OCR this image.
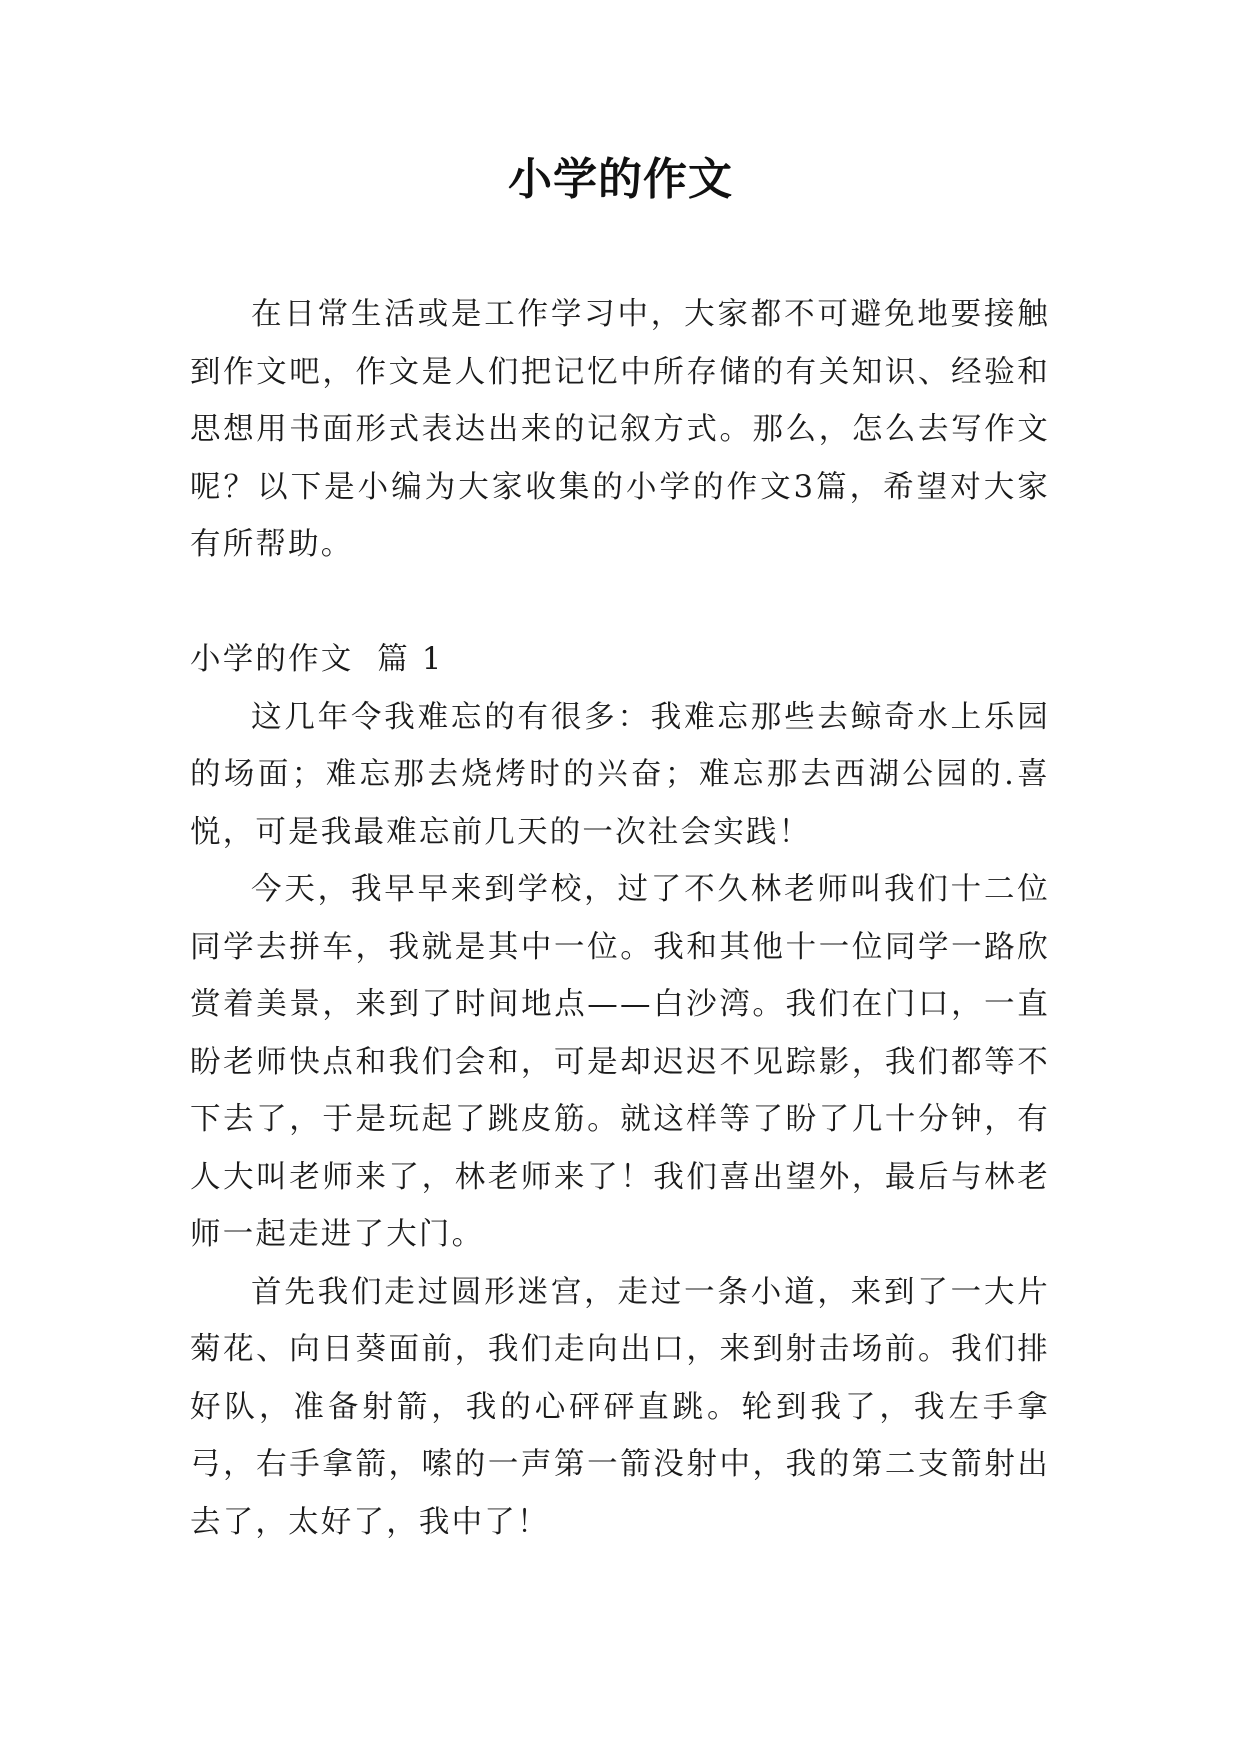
小学的作文

在日常生活或是工作学习中，大家都不可避免地要接触到作文吧，作文是人们把记忆中所存储的有关知识、经验和思想用书面形式表达出来的记叙方式。那么，怎么去写作文呢？以下是小编为大家收集的小学的作文3篇，希望对大家有所帮助。

小学的作文  篇 1

这几年令我难忘的有很多：我难忘那些去鲸奇水上乐园的场面；难忘那去烧烤时的兴奋；难忘那去西湖公园的.喜悦，可是我最难忘前几天的一次社会实践！

今天，我早早来到学校，过了不久林老师叫我们十二位同学去拼车，我就是其中一位。我和其他十一位同学一路欣赏着美景，来到了时间地点——白沙湾。我们在门口，一直盼老师快点和我们会和，可是却迟迟不见踪影，我们都等不下去了，于是玩起了跳皮筋。就这样等了盼了几十分钟，有人大叫老师来了，林老师来了！我们喜出望外，最后与林老师一起走进了大门。

首先我们走过圆形迷宫，走过一条小道，来到了一大片菊花、向日葵面前，我们走向出口，来到射击场前。我们排好队，准备射箭，我的心砰砰直跳。轮到我了，我左手拿弓，右手拿箭，嗦的一声第一箭没射中，我的第二支箭射出去了，太好了，我中了！
